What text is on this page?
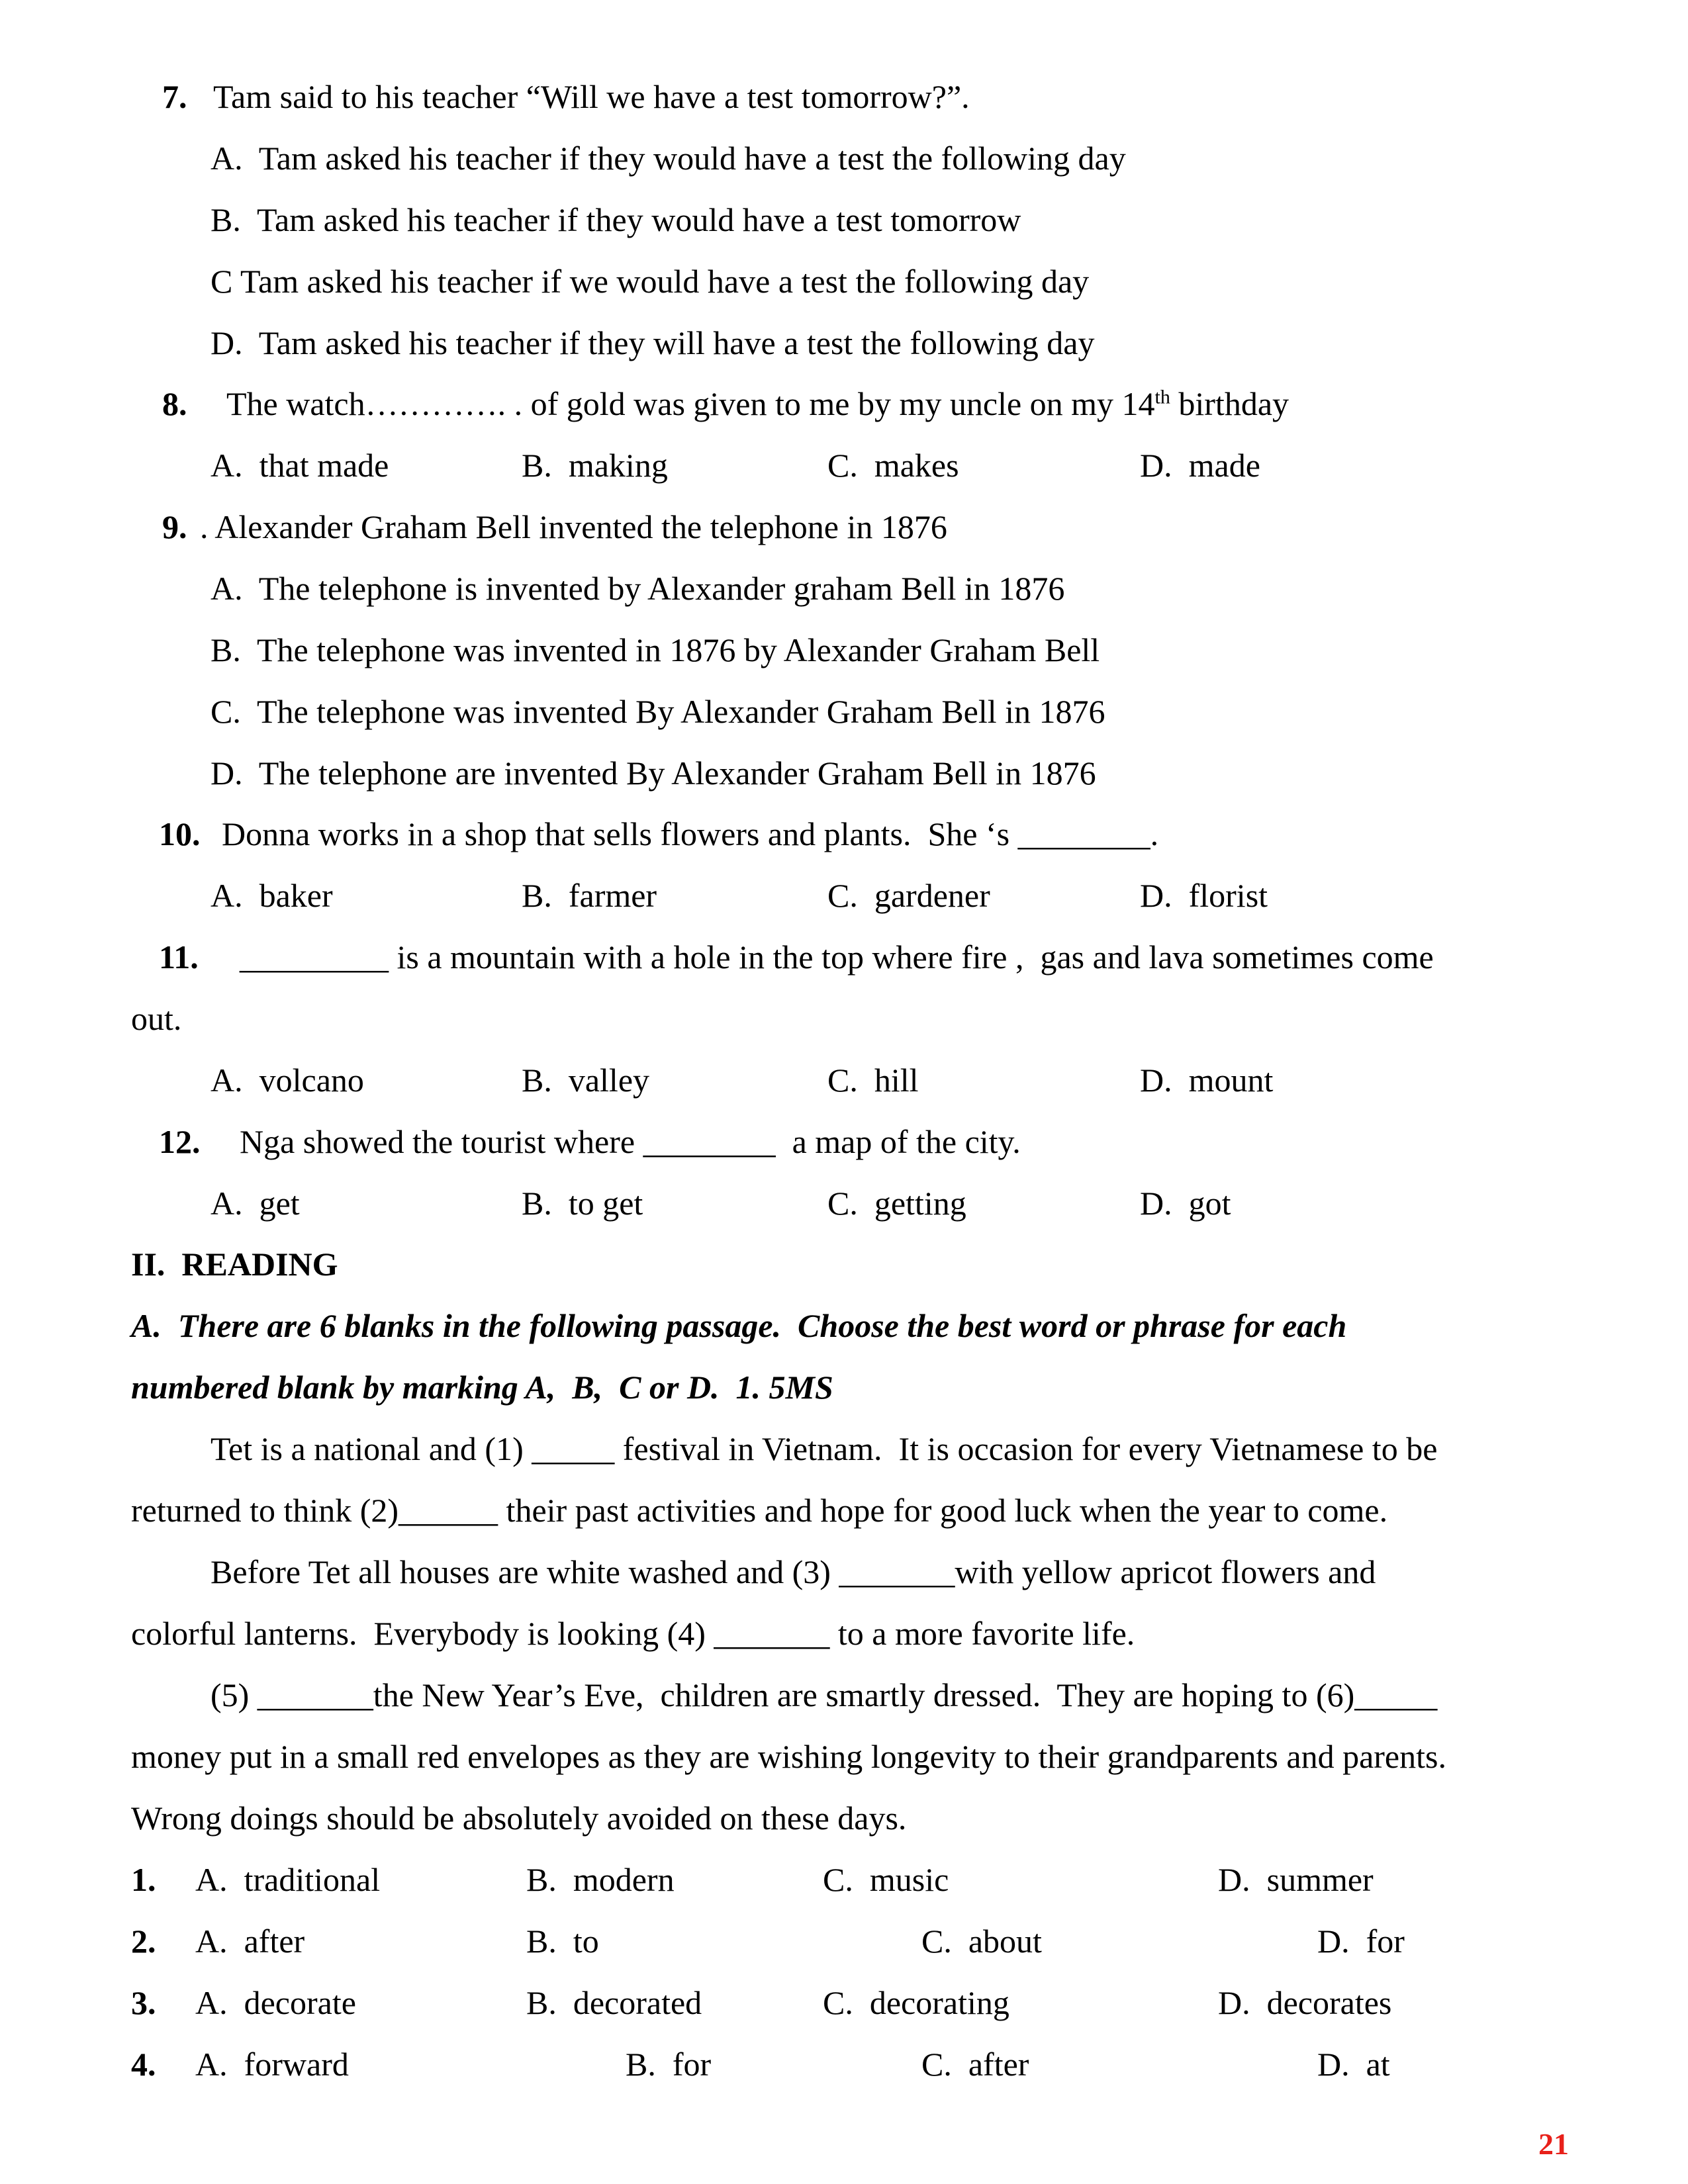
7. Tam said to his teacher “Will we have a test tomorrow?”.
A.  Tam asked his teacher if they would have a test the following day
B.  Tam asked his teacher if they would have a test tomorrow
C Tam asked his teacher if we would have a test the following day
D.  Tam asked his teacher if they will have a test the following day
8. The watch…………. . of gold was given to me by my uncle on my 14th birthday
A.  that made	B.  making	C.  makes	D.  made
9. . Alexander Graham Bell invented the telephone in 1876
A.  The telephone is invented by Alexander graham Bell in 1876
B.  The telephone was invented in 1876 by Alexander Graham Bell
C.  The telephone was invented By Alexander Graham Bell in 1876
D.  The telephone are invented By Alexander Graham Bell in 1876
10. Donna works in a shop that sells flowers and plants.  She ‘s ________.
A.  baker	B.  farmer	C.  gardener	D.  florist
11. _________ is a mountain with a hole in the top where fire ,  gas and lava sometimes come
out.
A.  volcano	B.  valley	C.  hill	D.  mount
12. Nga showed the tourist where ________  a map of the city.
A.  get	B.  to get	C.  getting	D.  got
II.  READING
A.  There are 6 blanks in the following passage.  Choose the best word or phrase for each
numbered blank by marking A,  B,  C or D.  1. 5MS
Tet is a national and (1) _____ festival in Vietnam.  It is occasion for every Vietnamese to be
returned to think (2)______ their past activities and hope for good luck when the year to come.
Before Tet all houses are white washed and (3) _______with yellow apricot flowers and
colorful lanterns.  Everybody is looking (4) _______ to a more favorite life.
(5) _______the New Year’s Eve,  children are smartly dressed.  They are hoping to (6)_____
money put in a small red envelopes as they are wishing longevity to their grandparents and parents.
Wrong doings should be absolutely avoided on these days.
1. A.  traditional	B.  modern	C.  music	D.  summer
2. A.  after	B.  to	C.  about	D.  for
3. A.  decorate	B.  decorated	C.  decorating	D.  decorates
4. A.  forward	B.  for	C.  after	D.  at
21
